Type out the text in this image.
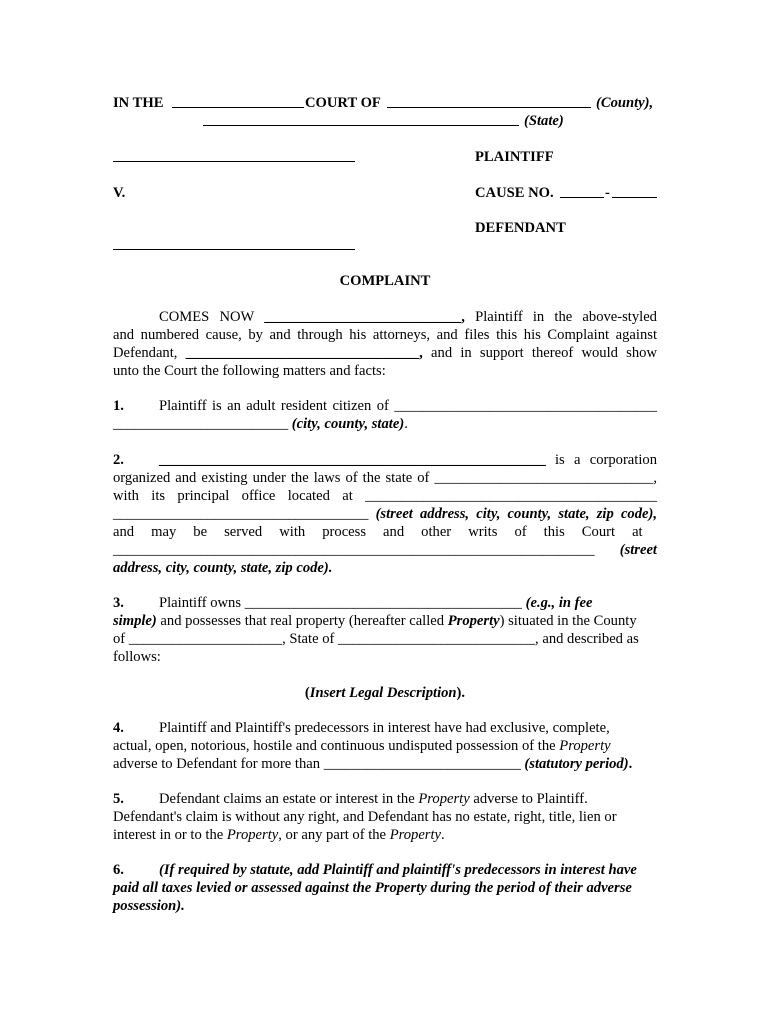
IN THE	COURT OF	(County),
(State)
PLAINTIFF
V.	CAUSE NO.	-
DEFENDANT
COMPLAINT
COMES NOW ___________________________, Plaintiff in the above-styled
and numbered cause, by and through his attorneys, and files this his Complaint against
Defendant, ________________________________, and in support thereof would show
unto the Court the following matters and facts:
1. Plaintiff is an adult resident citizen of ____________________________________
________________________ (city, county, state).
2. _____________________________________________________ is a corporation
organized and existing under the laws of the state of ______________________________,
with its principal office located at ________________________________________
___________________________________ (street address, city, county, state, zip code),
and may be served with process and other writs of this Court at
__________________________________________________________________ (street
address, city, county, state, zip code).
3. Plaintiff owns ______________________________________ (e.g., in fee
simple) and possesses that real property (hereafter called Property) situated in the County
of _____________________, State of ___________________________, and described as
follows:
(Insert Legal Description).
4. Plaintiff and Plaintiff's predecessors in interest have had exclusive, complete,
actual, open, notorious, hostile and continuous undisputed possession of the Property
adverse to Defendant for more than ___________________________ (statutory period).
5. Defendant claims an estate or interest in the Property adverse to Plaintiff.
Defendant's claim is without any right, and Defendant has no estate, right, title, lien or
interest in or to the Property, or any part of the Property.
6. (If required by statute, add Plaintiff and plaintiff's predecessors in interest have
paid all taxes levied or assessed against the Property during the period of their adverse
possession).
